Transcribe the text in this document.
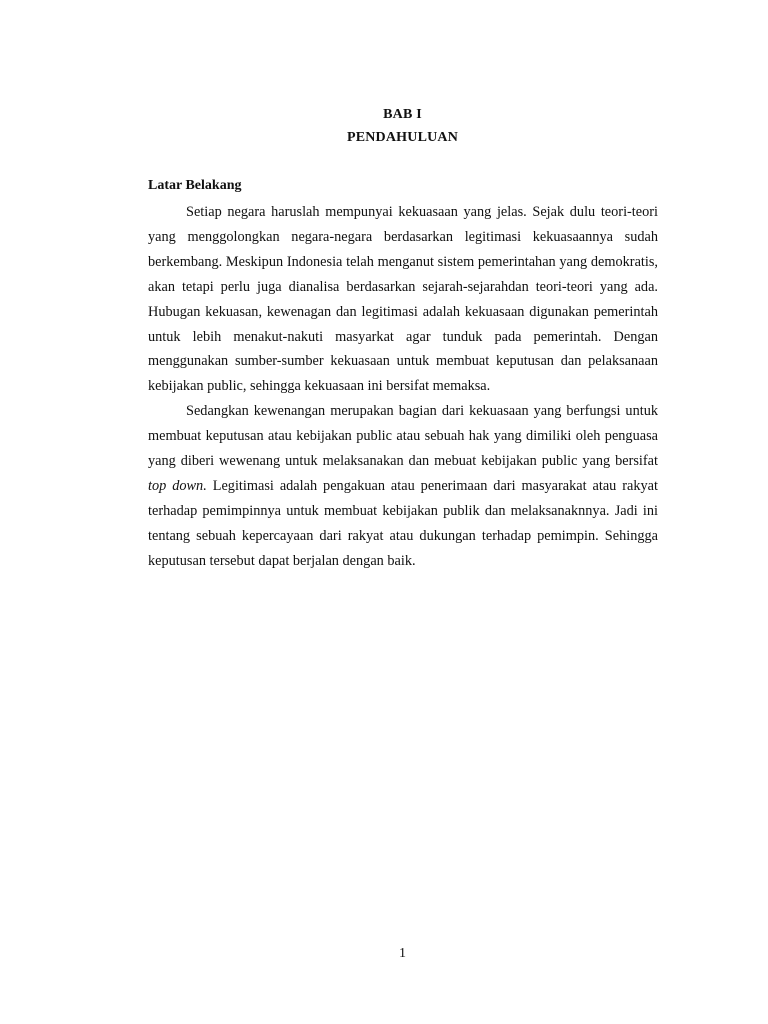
BAB I
PENDAHULUAN
Latar Belakang

Setiap negara haruslah mempunyai kekuasaan yang jelas. Sejak dulu teori-teori yang menggolongkan negara-negara berdasarkan legitimasi kekuasaannya sudah berkembang. Meskipun Indonesia telah menganut sistem pemerintahan yang demokratis, akan tetapi perlu juga dianalisa berdasarkan sejarah-sejarahdan teori-teori yang ada. Hubugan kekuasan, kewenagan dan legitimasi adalah kekuasaan digunakan pemerintah untuk lebih menakut-nakuti masyarkat agar tunduk pada pemerintah. Dengan menggunakan sumber-sumber kekuasaan untuk membuat keputusan dan pelaksanaan kebijakan public, sehingga kekuasaan ini bersifat memaksa.

Sedangkan kewenangan merupakan bagian dari kekuasaan yang berfungsi untuk membuat keputusan atau kebijakan public atau sebuah hak yang dimiliki oleh penguasa yang diberi wewenang untuk melaksanakan dan mebuat kebijakan public yang bersifat top down. Legitimasi adalah pengakuan atau penerimaan dari masyarakat atau rakyat terhadap pemimpinnya untuk membuat kebijakan publik dan melaksanaknnya. Jadi ini tentang sebuah kepercayaan dari rakyat atau dukungan terhadap pemimpin. Sehingga keputusan tersebut dapat berjalan dengan baik.

1
